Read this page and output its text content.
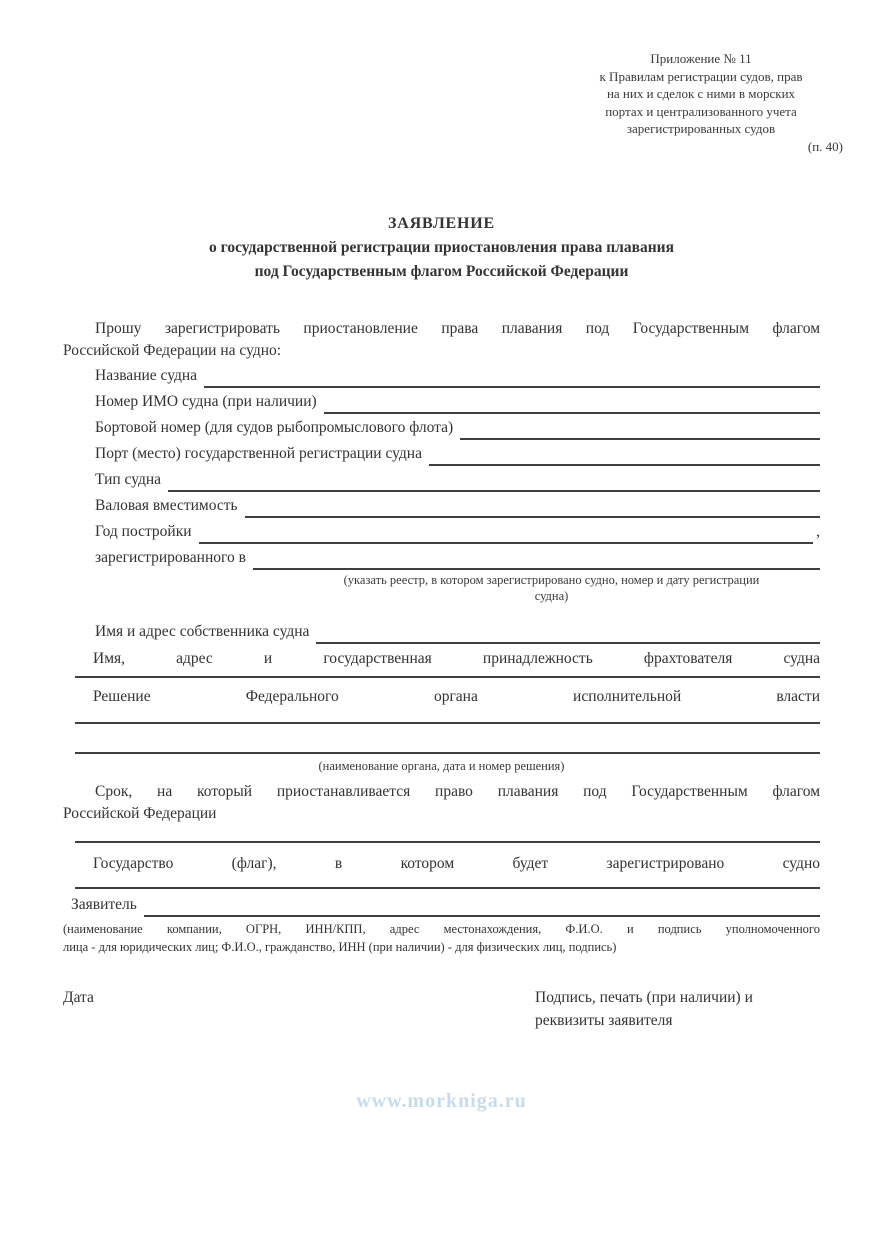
Приложение № 11
к Правилам регистрации судов, прав
на них и сделок с ними в морских
портах и централизованного учета
зарегистрированных судов
(п. 40)
ЗАЯВЛЕНИЕ
о государственной регистрации приостановления права плавания
под Государственным флагом Российской Федерации
Прошу зарегистрировать приостановление права плавания под Государственным флагом
Российской Федерации на судно:
Название судна
Номер ИМО судна (при наличии)
Бортовой номер (для судов рыбопромыслового флота)
Порт (место) государственной регистрации судна
Тип судна
Валовая вместимость
Год постройки	,
зарегистрированного в
(указать реестр, в котором зарегистрировано судно, номер и дату регистрации
судна)
Имя и адрес собственника судна
Имя, адрес и государственная принадлежность фрахтователя судна
Решение Федерального органа исполнительной власти
(наименование органа, дата и номер решения)
Срок, на который приостанавливается право плавания под Государственным флагом
Российской Федерации
Государство (флаг), в котором будет зарегистрировано судно
Заявитель
(наименование компании, ОГРН, ИНН/КПП, адрес местонахождения, Ф.И.О. и подпись уполномоченного
лица - для юридических лиц; Ф.И.О., гражданство, ИНН (при наличии) - для физических лиц, подпись)
Дата	Подпись, печать (при наличии) и реквизиты заявителя
www.morkniga.ru
